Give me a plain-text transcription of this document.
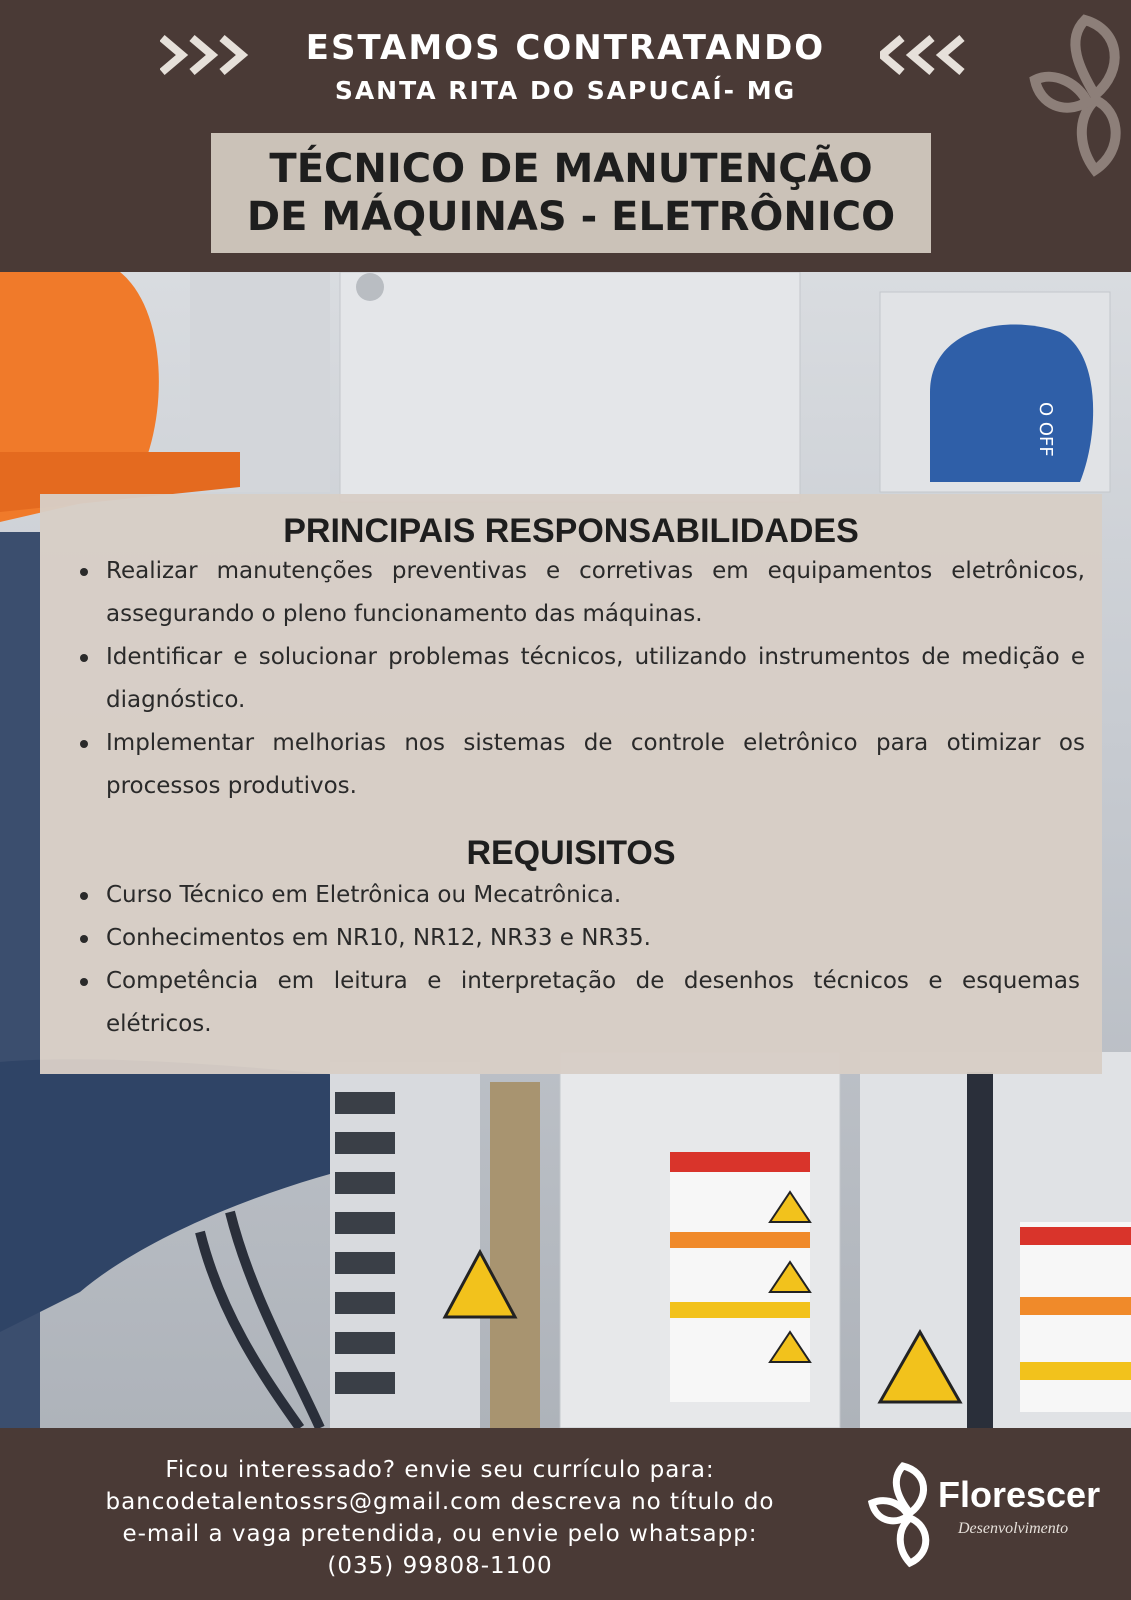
ESTAMOS CONTRATANDO
SANTA RITA DO SAPUCAÍ- MG
TÉCNICO DE MANUTENÇÃO
DE MÁQUINAS - ELETRÔNICO
O OFF
PRINCIPAIS RESPONSABILIDADES
Realizar manutenções preventivas e corretivas em equipamentos eletrônicos, assegurando o pleno funcionamento das máquinas.
Identificar e solucionar problemas técnicos, utilizando instrumentos de medição e diagnóstico.
Implementar melhorias nos sistemas de controle eletrônico para otimizar os processos produtivos.
REQUISITOS
Curso Técnico em Eletrônica ou Mecatrônica.
Conhecimentos em NR10, NR12, NR33 e NR35.
Competência em leitura e interpretação de desenhos técnicos e esquemas elétricos.
Ficou interessado? envie seu currículo para:
bancodetalentossrs@gmail.com descreva no título do
e-mail a vaga pretendida, ou envie pelo whatsapp:
(035) 99808-1100
Florescer
Desenvolvimento
